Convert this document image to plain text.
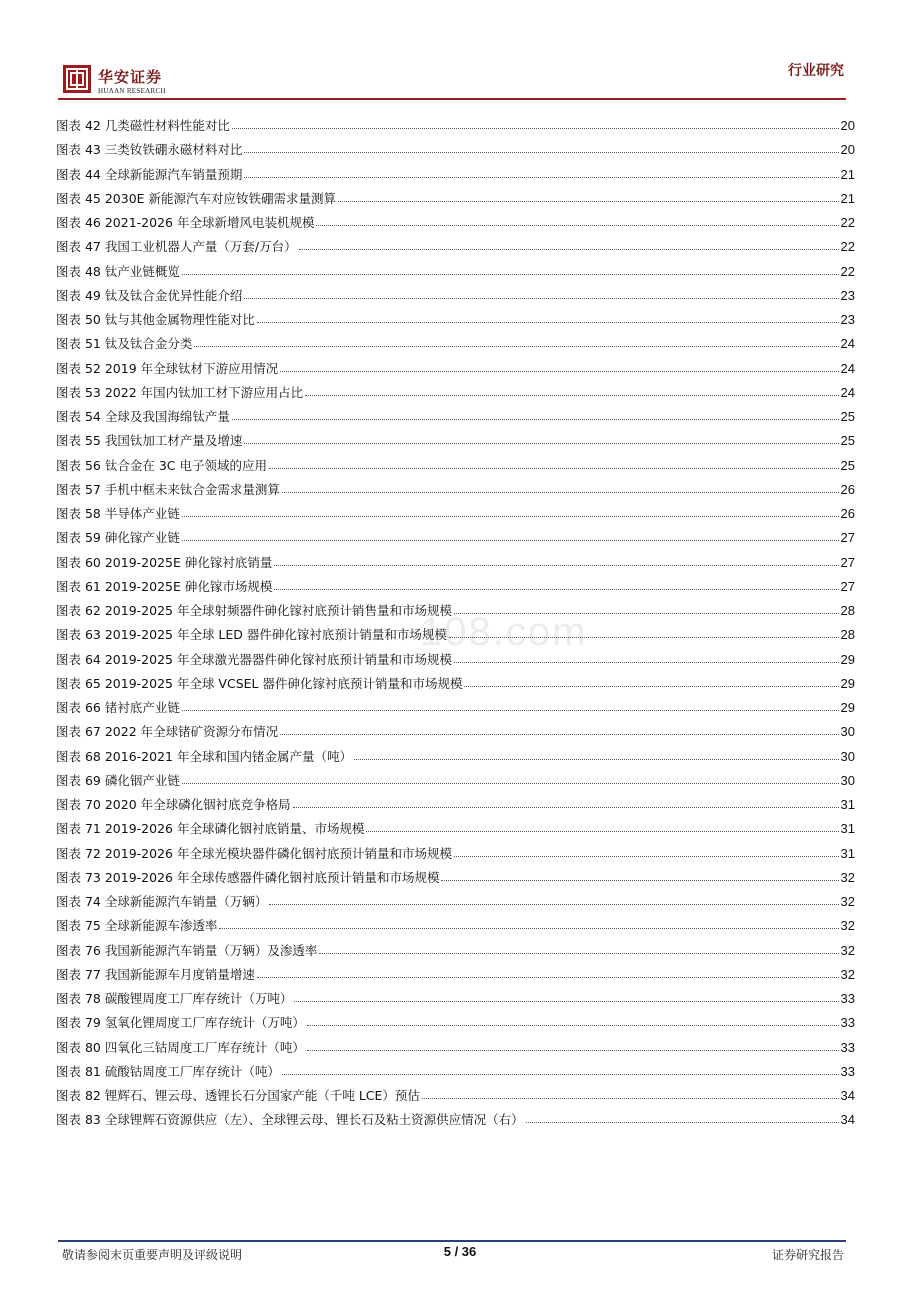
华安证券
HUAAN RESEARCH
行业研究
108.com
图表 42 几类磁性材料性能对比	20
图表 43 三类钕铁硼永磁材料对比	20
图表 44 全球新能源汽车销量预期	21
图表 45 2030E 新能源汽车对应钕铁硼需求量测算	21
图表 46 2021-2026 年全球新增风电装机规模	22
图表 47 我国工业机器人产量（万套/万台）	22
图表 48 钛产业链概览	22
图表 49 钛及钛合金优异性能介绍	23
图表 50 钛与其他金属物理性能对比	23
图表 51 钛及钛合金分类	24
图表 52 2019 年全球钛材下游应用情况	24
图表 53 2022 年国内钛加工材下游应用占比	24
图表 54 全球及我国海绵钛产量	25
图表 55 我国钛加工材产量及增速	25
图表 56 钛合金在 3C 电子领域的应用	25
图表 57 手机中框未来钛合金需求量测算	26
图表 58 半导体产业链	26
图表 59 砷化镓产业链	27
图表 60 2019-2025E 砷化镓衬底销量	27
图表 61 2019-2025E 砷化镓市场规模	27
图表 62 2019-2025 年全球射频器件砷化镓衬底预计销售量和市场规模	28
图表 63 2019-2025 年全球 LED 器件砷化镓衬底预计销量和市场规模	28
图表 64 2019-2025 年全球激光器器件砷化镓衬底预计销量和市场规模	29
图表 65 2019-2025 年全球 VCSEL 器件砷化镓衬底预计销量和市场规模	29
图表 66 锗衬底产业链	29
图表 67 2022 年全球锗矿资源分布情况	30
图表 68 2016-2021 年全球和国内锗金属产量（吨）	30
图表 69 磷化铟产业链	30
图表 70 2020 年全球磷化铟衬底竞争格局	31
图表 71 2019-2026 年全球磷化铟衬底销量、市场规模	31
图表 72 2019-2026 年全球光模块器件磷化铟衬底预计销量和市场规模	31
图表 73 2019-2026 年全球传感器件磷化铟衬底预计销量和市场规模	32
图表 74 全球新能源汽车销量（万辆）	32
图表 75 全球新能源车渗透率	32
图表 76 我国新能源汽车销量（万辆）及渗透率	32
图表 77 我国新能源车月度销量增速	32
图表 78 碳酸锂周度工厂库存统计（万吨）	33
图表 79 氢氧化锂周度工厂库存统计（万吨）	33
图表 80 四氧化三钴周度工厂库存统计（吨）	33
图表 81 硫酸钴周度工厂库存统计（吨）	33
图表 82 锂辉石、锂云母、透锂长石分国家产能（千吨 LCE）预估	34
图表 83 全球锂辉石资源供应（左）、全球锂云母、锂长石及粘土资源供应情况（右）	34
敬请参阅末页重要声明及评级说明	5 / 36	证券研究报告
